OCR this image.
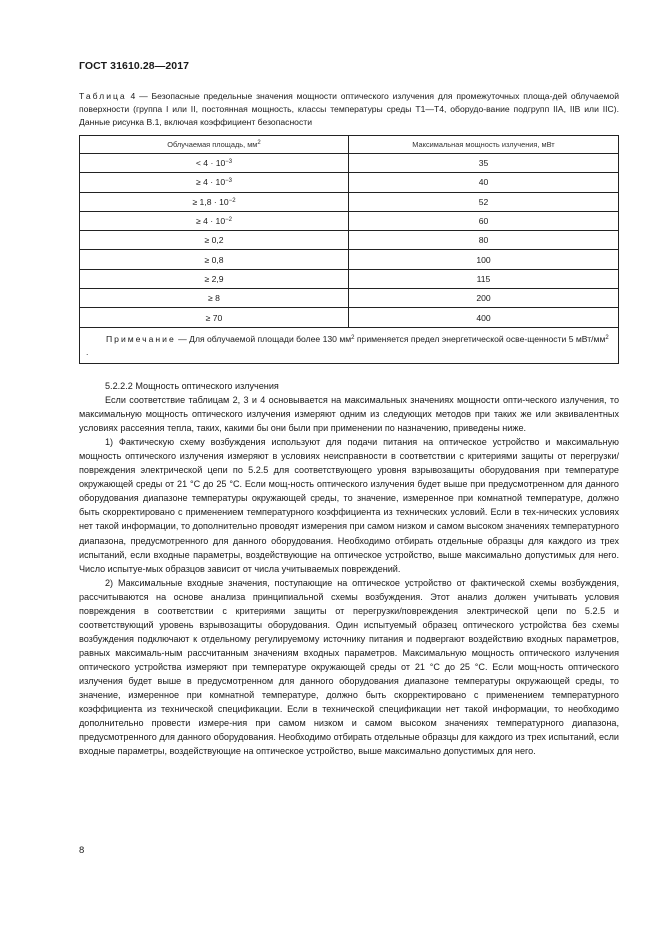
ГОСТ 31610.28—2017
Таблица 4 — Безопасные предельные значения мощности оптического излучения для промежуточных площа-дей облучаемой поверхности (группа I или II, постоянная мощность, классы температуры среды Т1—Т4, оборудо-вание подгрупп IIA, IIB или IIC). Данные рисунка В.1, включая коэффициент безопасности
Облучаемая площадь, $мм^2$	Максимальная мощность излучения, мВт
< $4 \cdot 10^{-3}$	35
≥ $4 \cdot 10^{-3}$	40
≥ $1,8 \cdot 10^{-2}$	52
≥ $4 \cdot 10^{-2}$	60
≥ 0,2	80
≥ 0,8	100
≥ 2,9	115
≥ 8	200
≥ 70	400
Примечание — Для облучаемой площади более 130 $мм^2$ применяется предел энергетической осве-щенности 5 мВт/$мм^2$ .	

5.2.2.2 Мощность оптического излучения

Если соответствие таблицам 2, 3 и 4 основывается на максимальных значениях мощности опти-ческого излучения, то максимальную мощность оптического излучения измеряют одним из следующих методов при таких же или эквивалентных условиях рассеяния тепла, таких, какими бы они были при применении по назначению, приведены ниже.

1) Фактическую схему возбуждения используют для подачи питания на оптическое устройство и максимальную мощность оптического излучения измеряют в условиях неисправности в соответствии с критериями защиты от перегрузки/повреждения электрической цепи по 5.2.5 для соответствующего уровня взрывозащиты оборудования при температуре окружающей среды от 21 °С до 25 °С. Если мощ-ность оптического излучения будет выше при предусмотренном для данного оборудования диапазоне температуры окружающей среды, то значение, измеренное при комнатной температуре, должно быть скорректировано с применением температурного коэффициента из технических условий. Если в тех-нических условиях нет такой информации, то дополнительно проводят измерения при самом низком и самом высоком значениях температурного диапазона, предусмотренного для данного оборудования. Необходимо отбирать отдельные образцы для каждого из трех испытаний, если входные параметры, воздействующие на оптическое устройство, выше максимально допустимых для него. Число испытуе-мых образцов зависит от числа учитываемых повреждений.

2) Максимальные входные значения, поступающие на оптическое устройство от фактической схемы возбуждения, рассчитываются на основе анализа принципиальной схемы возбуждения. Этот анализ должен учитывать условия повреждения в соответствии с критериями защиты от перегрузки/повреждения электрической цепи по 5.2.5 и соответствующий уровень взрывозащиты оборудования. Один испытуемый образец оптического устройства без схемы возбуждения подключают к отдельному регулируемому источнику питания и подвергают воздействию входных параметров, равных максималь-ным рассчитанным значениям входных параметров. Максимальную мощность оптического излучения оптического устройства измеряют при температуре окружающей среды от 21 °С до 25 °С. Если мощ-ность оптического излучения будет выше в предусмотренном для данного оборудования диапазоне температуры окружающей среды, то значение, измеренное при комнатной температуре, должно быть скорректировано с применением температурного коэффициента из технической спецификации. Если в технической спецификации нет такой информации, то необходимо дополнительно провести измере-ния при самом низком и самом высоком значениях температурного диапазона, предусмотренного для данного оборудования. Необходимо отбирать отдельные образцы для каждого из трех испытаний, если входные параметры, воздействующие на оптическое устройство, выше максимально допустимых для него.

8
